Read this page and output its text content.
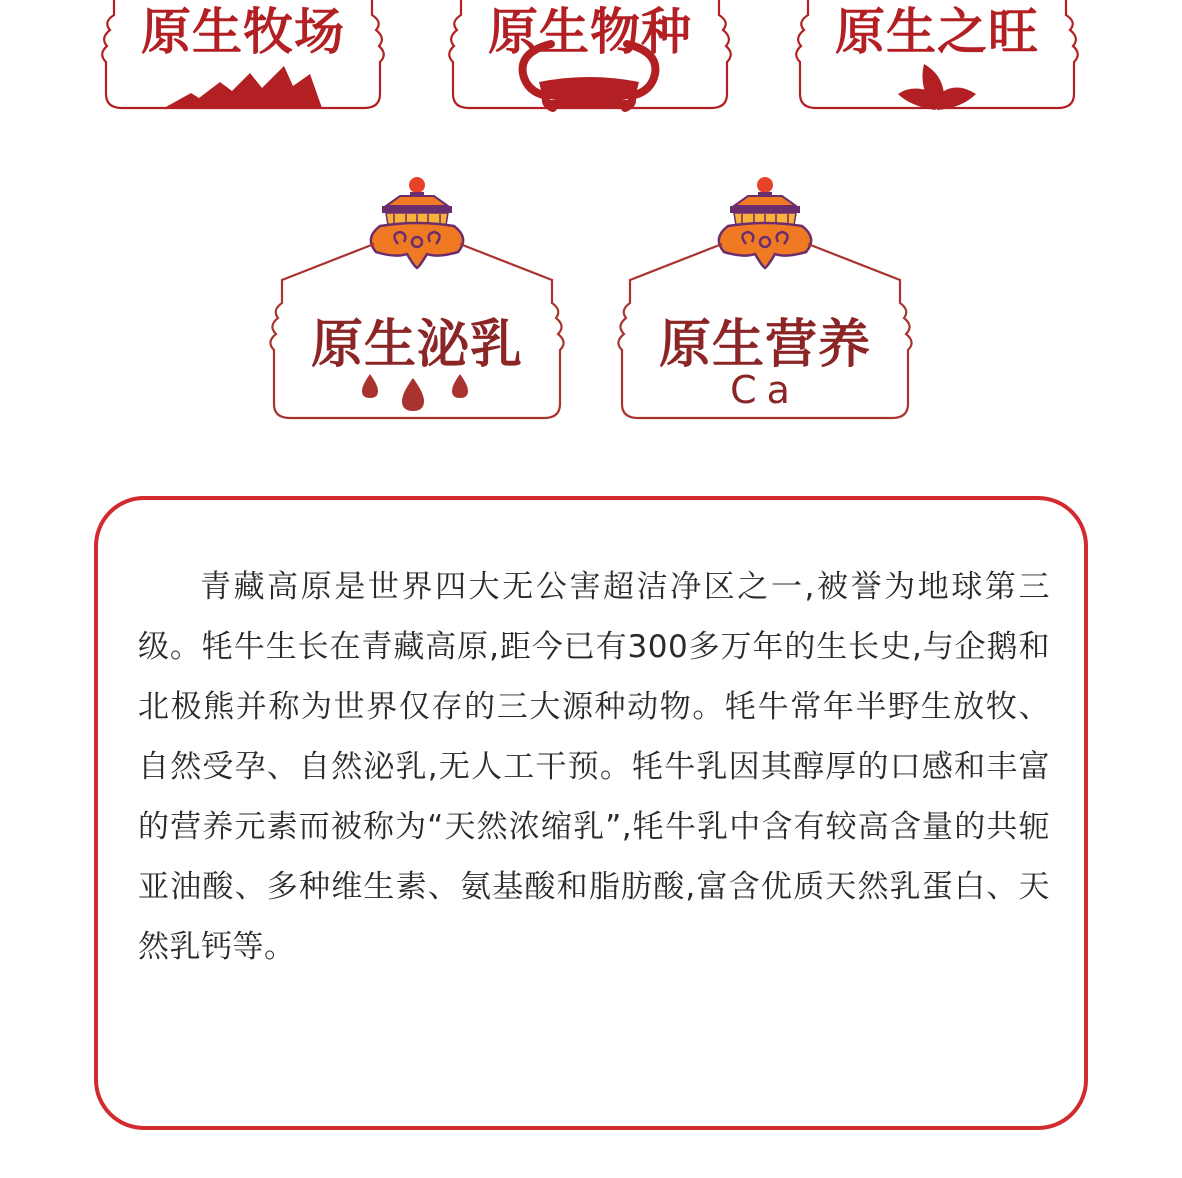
原生牧场	原生物种	原生之旺
原生泌乳	原生营养
Ca

青藏高原是世界四大无公害超洁净区之一,被誉为地球第三级。牦牛生长在青藏高原,距今已有300多万年的生长史,与企鹅和北极熊并称为世界仅存的三大源种动物。牦牛常年半野生放牧、自然受孕、自然泌乳,无人工干预。牦牛乳因其醇厚的口感和丰富的营养元素而被称为“天然浓缩乳”,牦牛乳中含有较高含量的共轭亚油酸、多种维生素、氨基酸和脂肪酸,富含优质天然乳蛋白、天然乳钙等。
